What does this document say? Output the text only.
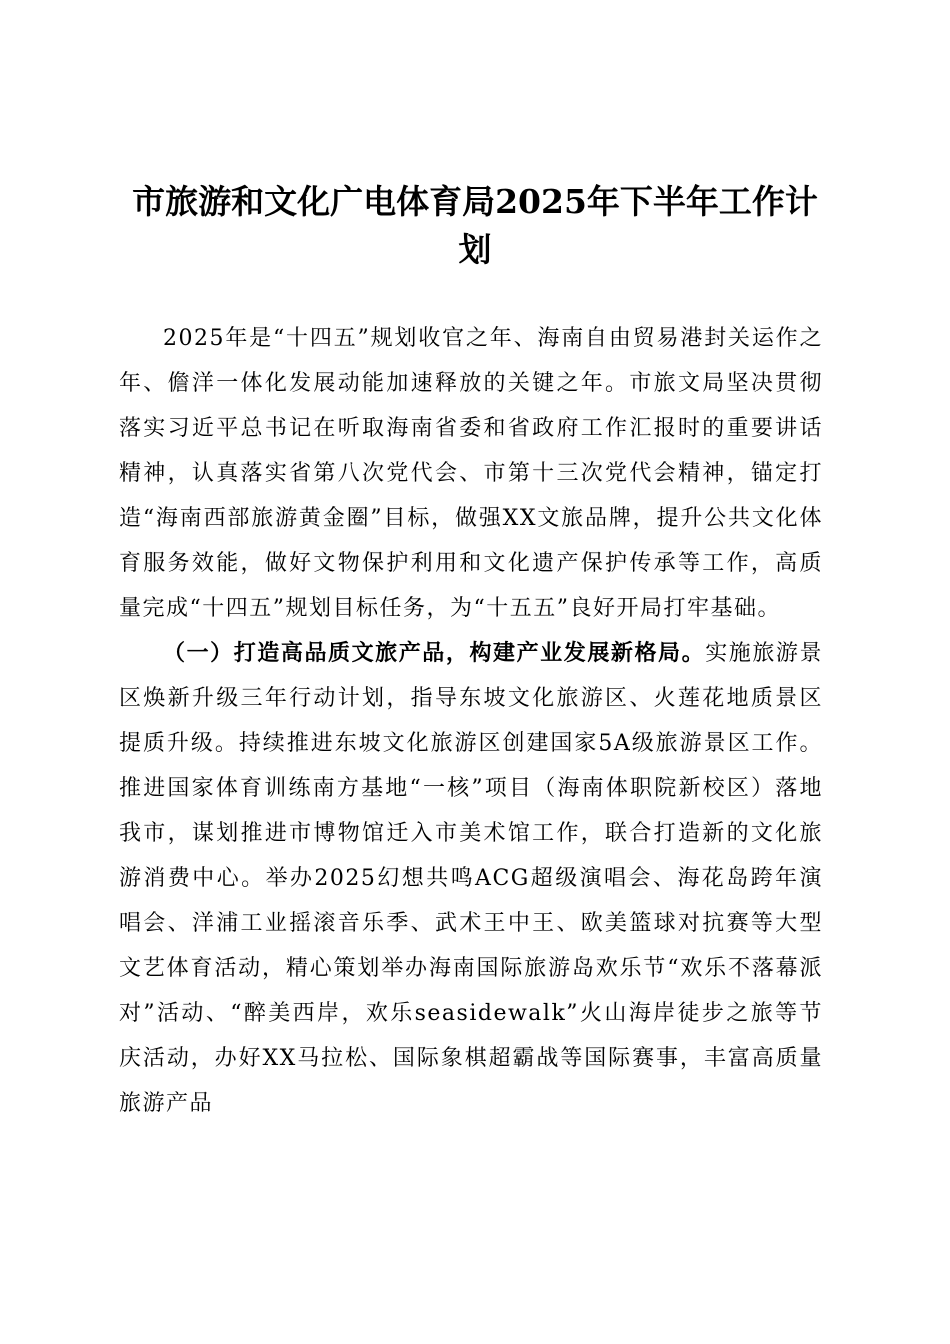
市旅游和文化广电体育局2025年下半年工作计划

2025年是“十四五”规划收官之年、海南自由贸易港封关运作之年、儋洋一体化发展动能加速释放的关键之年。市旅文局坚决贯彻落实习近平总书记在听取海南省委和省政府工作汇报时的重要讲话精神，认真落实省第八次党代会、市第十三次党代会精神，锚定打造“海南西部旅游黄金圈”目标，做强XX文旅品牌，提升公共文化体育服务效能，做好文物保护利用和文化遗产保护传承等工作，高质量完成“十四五”规划目标任务，为“十五五”良好开局打牢基础。

（一）打造高品质文旅产品，构建产业发展新格局。实施旅游景区焕新升级三年行动计划，指导东坡文化旅游区、火莲花地质景区提质升级。持续推进东坡文化旅游区创建国家5A级旅游景区工作。推进国家体育训练南方基地“一核”项目（海南体职院新校区）落地我市，谋划推进市博物馆迁入市美术馆工作，联合打造新的文化旅游消费中心。举办2025幻想共鸣ACG超级演唱会、海花岛跨年演唱会、洋浦工业摇滚音乐季、武术王中王、欧美篮球对抗赛等大型文艺体育活动，精心策划举办海南国际旅游岛欢乐节“欢乐不落幕派对”活动、“醉美西岸，欢乐seasidewalk”火山海岸徒步之旅等节庆活动，办好XX马拉松、国际象棋超霸战等国际赛事，丰富高质量旅游产品
